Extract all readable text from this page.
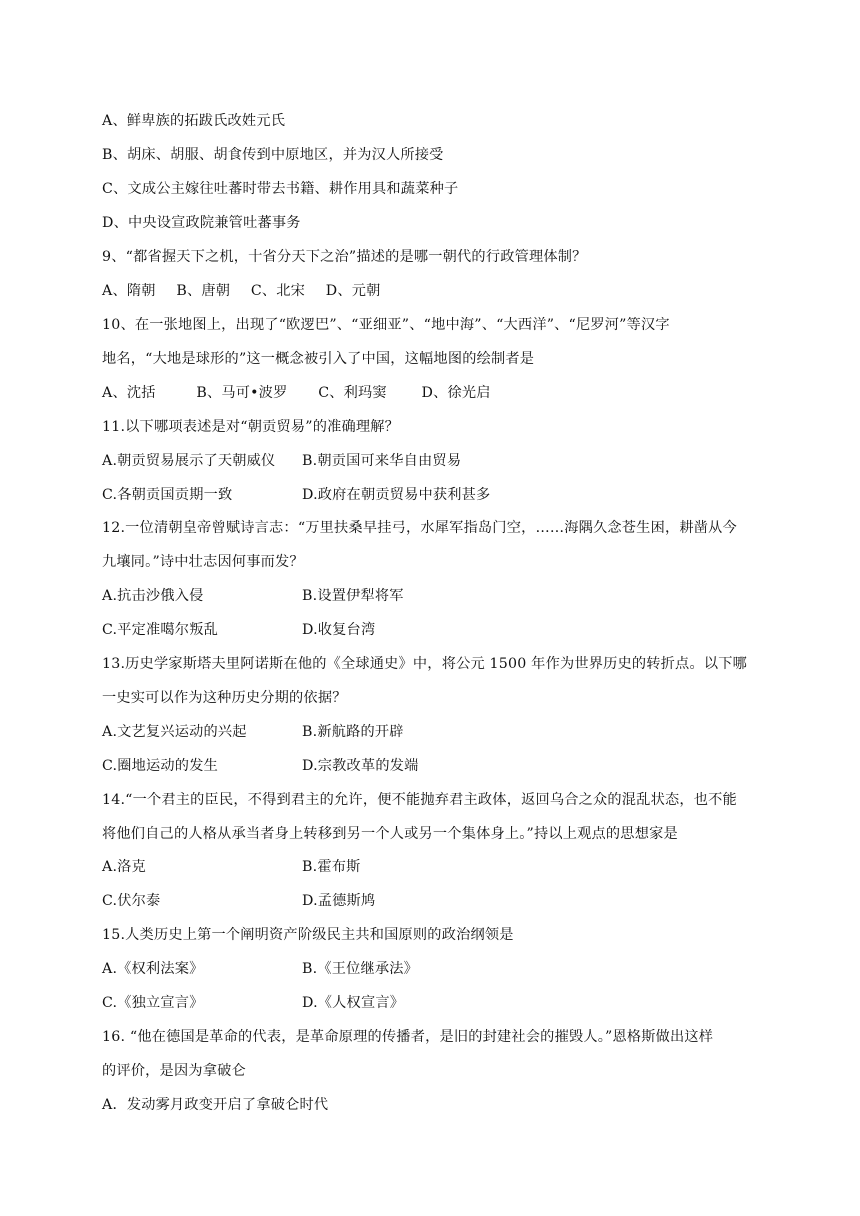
A、鲜卑族的拓跋氏改姓元氏
B、胡床、胡服、胡食传到中原地区，并为汉人所接受
C、文成公主嫁往吐蕃时带去书籍、耕作用具和蔬菜种子
D、中央设宣政院兼管吐蕃事务
9、“都省握天下之机，十省分天下之治”描述的是哪一朝代的行政管理体制？
A、隋朝 B、唐朝 C、北宋 D、元朝
10、在一张地图上，出现了“欧逻巴”、“亚细亚”、“地中海”、“大西洋”、“尼罗河”等汉字
地名，“大地是球形的”这一概念被引入了中国，这幅地图的绘制者是
A、沈括	B、马可•波罗 C、利玛窦 D、徐光启
11.以下哪项表述是对“朝贡贸易”的准确理解？
A.朝贡贸易展示了天朝威仪 B.朝贡国可来华自由贸易
C.各朝贡国贡期一致	D.政府在朝贡贸易中获利甚多
12.一位清朝皇帝曾赋诗言志：“万里扶桑早挂弓，水犀军指岛门空，……海隅久念苍生困，耕凿从今
九壤同。”诗中壮志因何事而发？
A.抗击沙俄入侵	B.设置伊犁将军
C.平定准噶尔叛乱	D.收复台湾
13.历史学家斯塔夫里阿诺斯在他的《全球通史》中，将公元 1500 年作为世界历史的转折点。以下哪
一史实可以作为这种历史分期的依据？
A.文艺复兴运动的兴起	B.新航路的开辟
C.圈地运动的发生	D.宗教改革的发端
14.“一个君主的臣民，不得到君主的允许，便不能抛弃君主政体，返回乌合之众的混乱状态，也不能
将他们自己的人格从承当者身上转移到另一个人或另一个集体身上。”持以上观点的思想家是
A.洛克	B.霍布斯
C.伏尔泰	D.孟德斯鸠
15.人类历史上第一个阐明资产阶级民主共和国原则的政治纲领是
A.《权利法案》	B.《王位继承法》
C.《独立宣言》	D.《人权宣言》
16. “他在德国是革命的代表，是革命原理的传播者，是旧的封建社会的摧毁人。”恩格斯做出这样
的评价，是因为拿破仑
A．发动雾月政变开启了拿破仑时代
